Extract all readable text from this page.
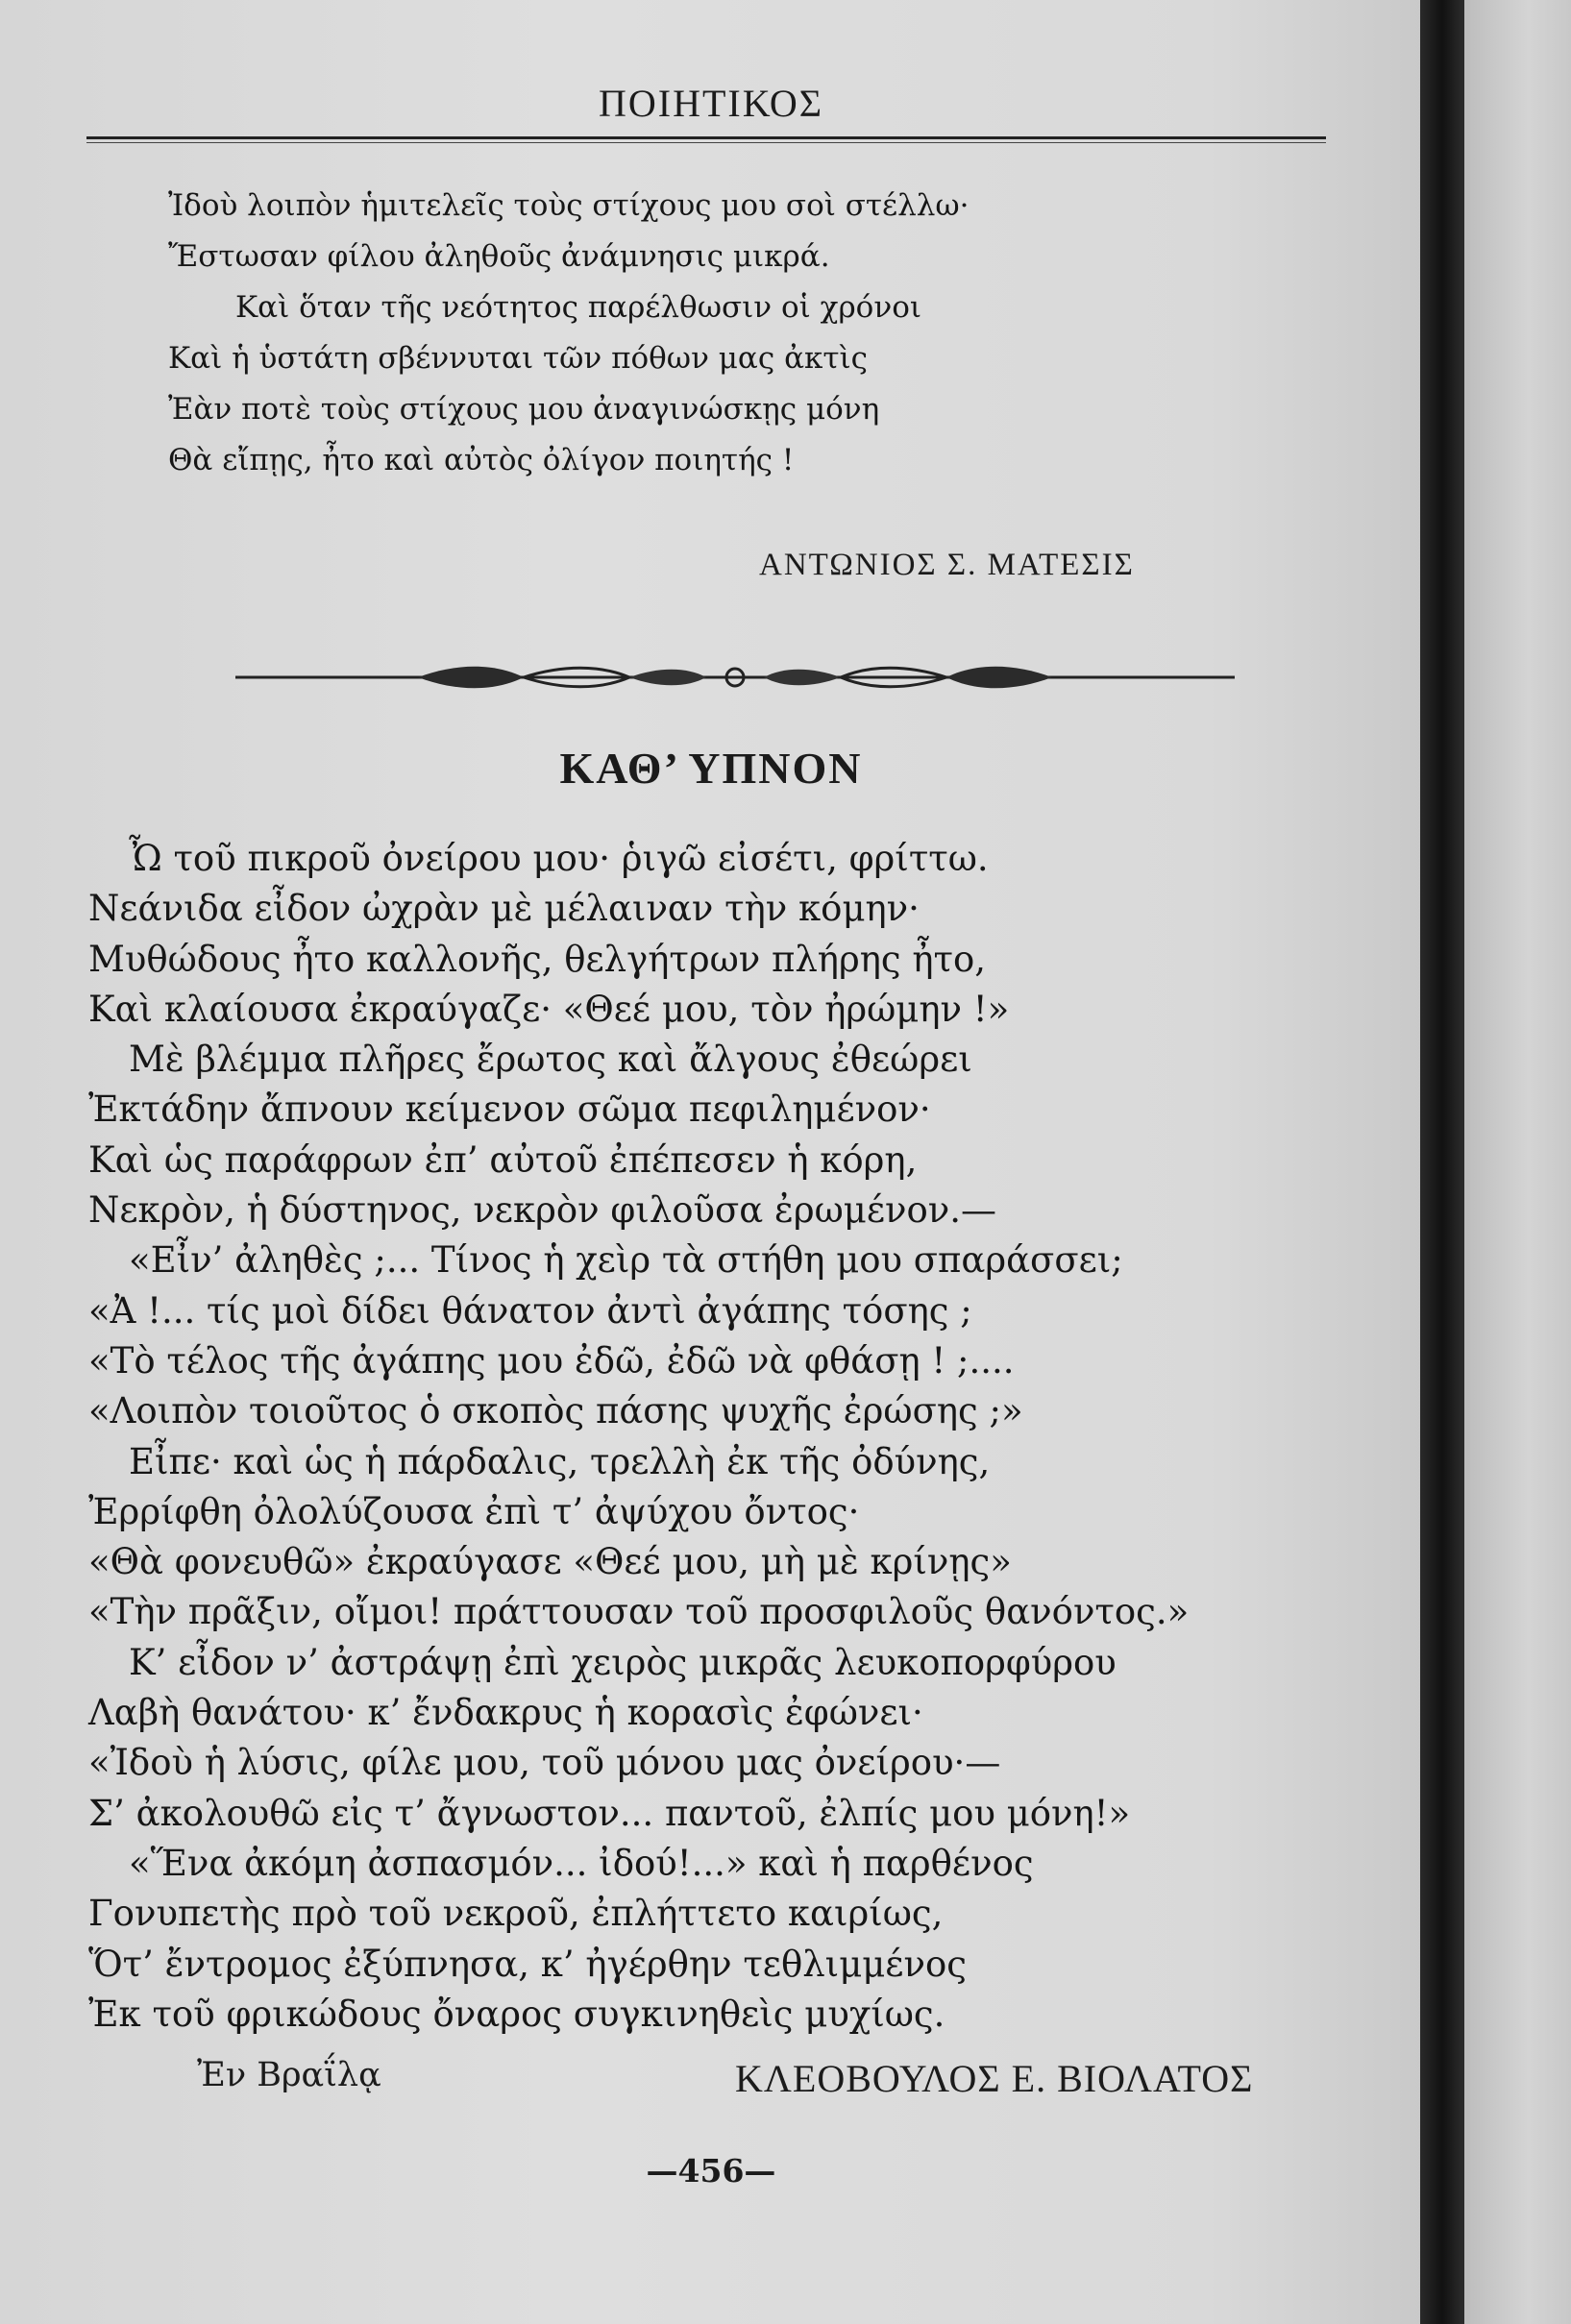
ΠΟΙΗΤΙΚΟΣ
Ἰδοὺ λοιπὸν ἡμιτελεῖς τοὺς στίχους μου σοὶ στέλλω·
Ἔστωσαν φίλου ἀληθοῦς ἀνάμνησις μικρά.
Καὶ ὅταν τῆς νεότητος παρέλθωσιν οἱ χρόνοι
Καὶ ἡ ὑστάτη σβέννυται τῶν πόθων μας ἀκτὶς
Ἐὰν ποτὲ τοὺς στίχους μου ἀναγινώσκῃς μόνη
Θὰ εἴπῃς, ἦτο καὶ αὐτὸς ὀλίγον ποιητής !
ΑΝΤΩΝΙΟΣ Σ. ΜΑΤΕΣΙΣ
ΚΑΘ’ ΥΠΝΟΝ
Ὦ τοῦ πικροῦ ὀνείρου μου· ῥιγῶ εἰσέτι, φρίττω.
Νεάνιδα εἶδον ὠχρὰν μὲ μέλαιναν τὴν κόμην·
Μυθώδους ἦτο καλλονῆς, θελγήτρων πλήρης ἦτο,
Καὶ κλαίουσα ἐκραύγαζε· «Θεέ μου, τὸν ἠρώμην !»
Μὲ βλέμμα πλῆρες ἔρωτος καὶ ἄλγους ἐθεώρει
Ἐκτάδην ἄπνουν κείμενον σῶμα πεφιλημένον·
Καὶ ὡς παράφρων ἐπ’ αὐτοῦ ἐπέπεσεν ἡ κόρη,
Νεκρὸν, ἡ δύστηνος, νεκρὸν φιλοῦσα ἐρωμένον.—
«Εἶν’ ἀληθὲς ;... Τίνος ἡ χεὶρ τὰ στήθη μου σπαράσσει;
«Ἀ !... τίς μοὶ δίδει θάνατον ἀντὶ ἀγάπης τόσης ;
«Τὸ τέλος τῆς ἀγάπης μου ἐδῶ, ἐδῶ νὰ φθάσῃ ! ;....
«Λοιπὸν τοιοῦτος ὁ σκοπὸς πάσης ψυχῆς ἐρώσης ;»
Εἶπε· καὶ ὡς ἡ πάρδαλις, τρελλὴ ἐκ τῆς ὀδύνης,
Ἐρρίφθη ὀλολύζουσα ἐπὶ τ’ ἀψύχου ὄντος·
«Θὰ φονευθῶ» ἐκραύγασε «Θεέ μου, μὴ μὲ κρίνῃς»
«Τὴν πρᾶξιν, οἴμοι! πράττουσαν τοῦ προσφιλοῦς θανόντος.»
Κ’ εἶδον ν’ ἀστράψῃ ἐπὶ χειρὸς μικρᾶς λευκοπορφύρου
Λαβὴ θανάτου· κ’ ἔνδακρυς ἡ κορασὶς ἐφώνει·
«Ἰδοὺ ἡ λύσις, φίλε μου, τοῦ μόνου μας ὀνείρου·—
Σ’ ἀκολουθῶ εἰς τ’ ἄγνωστον... παντοῦ, ἐλπίς μου μόνη!»
«Ἕνα ἀκόμη ἀσπασμόν... ἰδού!...» καὶ ἡ παρθένος
Γονυπετὴς πρὸ τοῦ νεκροῦ, ἐπλήττετο καιρίως,
Ὅτ’ ἔντρομος ἐξύπνησα, κ’ ἠγέρθην τεθλιμμένος
Ἐκ τοῦ φρικώδους ὄναρος συγκινηθεὶς μυχίως.
Ἐν Βραΐλᾳ	ΚΛΕΟΒΟΥΛΟΣ Ε. ΒΙΟΛΑΤΟΣ
—456—
